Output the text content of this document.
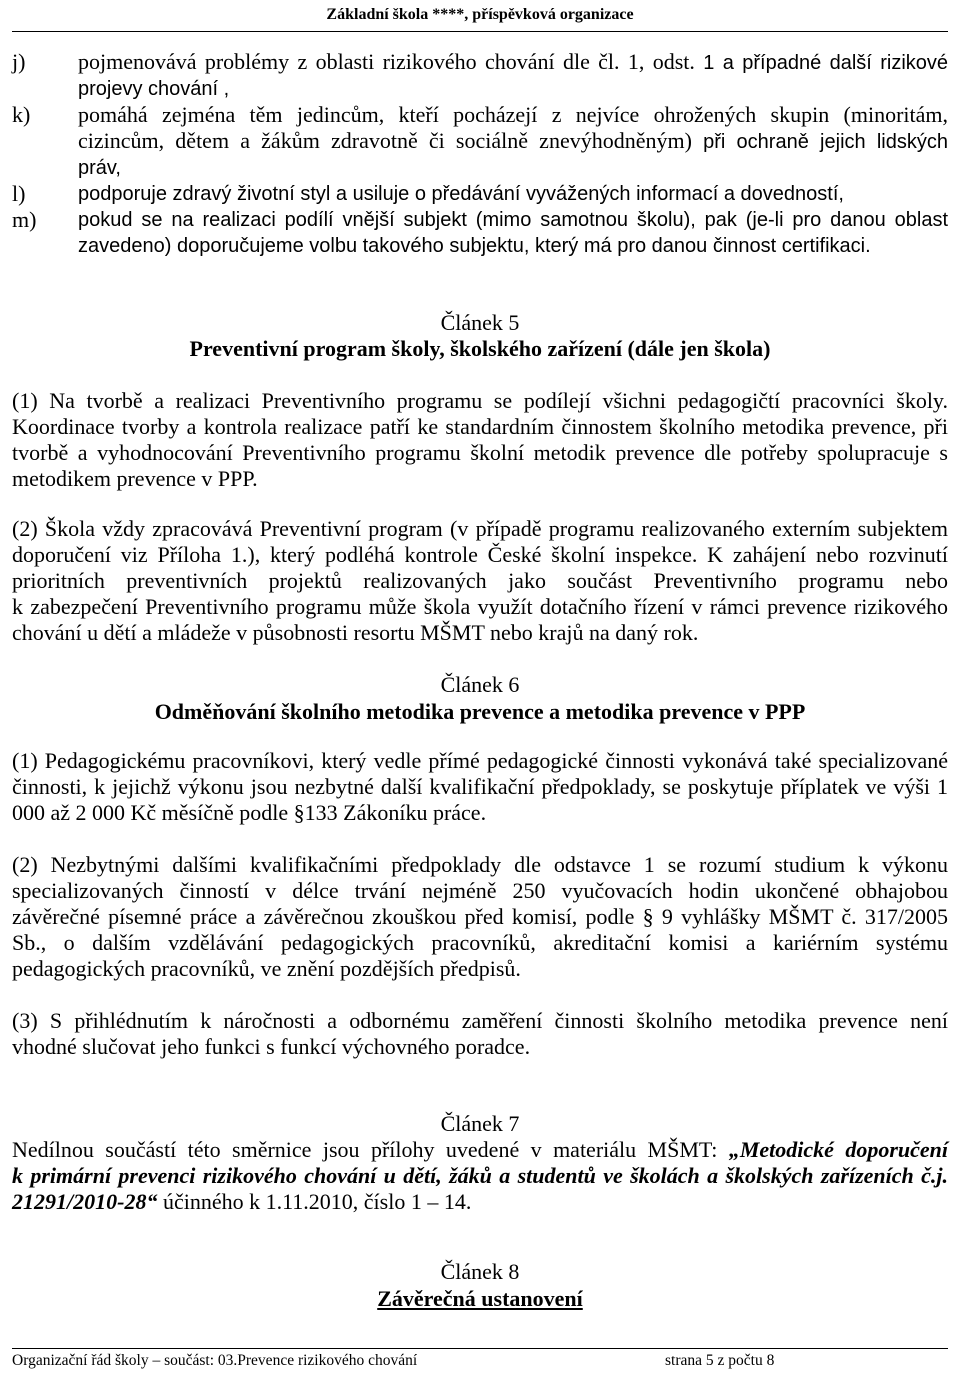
Základní škola ****, příspěvková organizace
j)	pojmenovává problémy z oblasti rizikového chování dle čl. 1, odst. 1 a případné další rizikové
projevy chování ,
k)	pomáhá zejména těm jedincům, kteří pocházejí z nejvíce ohrožených skupin (minoritám,
cizincům, dětem a žákům zdravotně či sociálně znevýhodněným) při ochraně jejich lidských
práv,
l)	podporuje zdravý životní styl a usiluje o předávání vyvážených informací a dovedností,
m)	pokud se na realizaci podílí vnější subjekt (mimo samotnou školu), pak (je-li pro danou oblast
zavedeno) doporučujeme volbu takového subjektu, který má pro danou činnost certifikaci.
Článek 5
Preventivní program školy, školského zařízení (dále jen škola)
(1) Na tvorbě a realizaci Preventivního programu se podílejí všichni pedagogičtí pracovníci školy.
Koordinace tvorby a kontrola realizace patří ke standardním činnostem školního metodika prevence, při
tvorbě a vyhodnocování Preventivního programu školní metodik prevence dle potřeby spolupracuje s
metodikem prevence v PPP.
(2) Škola vždy zpracovává Preventivní program (v případě programu realizovaného externím subjektem
doporučení viz Příloha 1.), který podléhá kontrole České školní inspekce. K zahájení nebo rozvinutí
prioritních preventivních projektů realizovaných jako součást Preventivního programu nebo
k zabezpečení Preventivního programu může škola využít dotačního řízení v rámci prevence rizikového
chování u dětí a mládeže v působnosti resortu MŠMT nebo krajů na daný rok.
Článek 6
Odměňování školního metodika prevence a metodika prevence v PPP
(1) Pedagogickému pracovníkovi, který vedle přímé pedagogické činnosti vykonává také specializované
činnosti, k jejichž výkonu jsou nezbytné další kvalifikační předpoklady, se poskytuje příplatek ve výši 1
000 až 2 000 Kč měsíčně podle §133 Zákoníku práce.
(2) Nezbytnými dalšími kvalifikačními předpoklady dle odstavce 1 se rozumí studium k výkonu
specializovaných činností v délce trvání nejméně 250 vyučovacích hodin ukončené obhajobou
závěrečné písemné práce a závěrečnou zkouškou před komisí, podle § 9 vyhlášky MŠMT č. 317/2005
Sb., o dalším vzdělávání pedagogických pracovníků, akreditační komisi a kariérním systému
pedagogických pracovníků, ve znění pozdějších předpisů.
(3) S přihlédnutím k náročnosti a odbornému zaměření činnosti školního metodika prevence není
vhodné slučovat jeho funkci s funkcí výchovného poradce.
Článek 7
Nedílnou součástí této směrnice jsou přílohy uvedené v materiálu MŠMT: „Metodické doporučení
k primární prevenci rizikového chování u dětí, žáků a studentů ve školách a školských zařízeních č.j.
21291/2010-28“ účinného k 1.11.2010, číslo 1 – 14.
Článek 8
Závěrečná ustanovení
Organizační řád školy – součást: 03.Prevence rizikového chování	strana 5 z počtu 8
